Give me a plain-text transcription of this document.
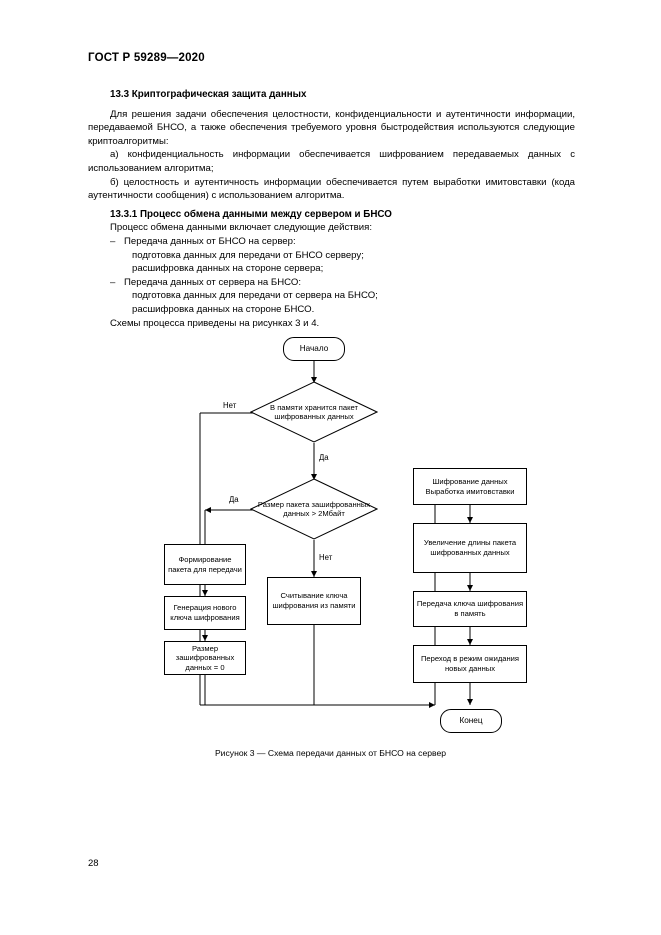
ГОСТ Р 59289—2020
13.3 Криптографическая защита данных

Для решения задачи обеспечения целостности, конфиденциальности и аутентичности информации, передаваемой БНСО, а также обеспечения требуемого уровня быстродействия используются следующие криптоалгоритмы:

а) конфиденциальность информации обеспечивается шифрованием передаваемых данных с использованием алгоритма;

б) целостность и аутентичность информации обеспечивается путем выработки имитовставки (кода аутентичности сообщения) с использованием алгоритма.

13.3.1 Процесс обмена данными между сервером и БНСО

Процесс обмена данными включает следующие действия:

– Передача данных от БНСО на сервер:

подготовка данных для передачи от БНСО серверу;

расшифровка данных на стороне сервера;

– Передача данных от сервера на БНСО:

подготовка данных для передачи от сервера на БНСО;

расшифровка данных на стороне БНСО.

Схемы процесса приведены на рисунках 3 и 4.

Начало
В памяти хранится пакет шифрованных данных
Размер пакета зашифрованных данных > 2Мбайт
Формирование пакета для передачи
Генерация нового ключа шифрования
Размер зашифрованных данных = 0
Считывание ключа шифрования из памяти
Шифрование данных Выработка имитовставки
Увеличение длины пакета шифрованных данных
Передача ключа шифрования в память
Переход в режим ожидания новых данных
Конец
Нет
Да
Да
Нет
Рисунок 3 — Схема передачи данных от БНСО на сервер
28
